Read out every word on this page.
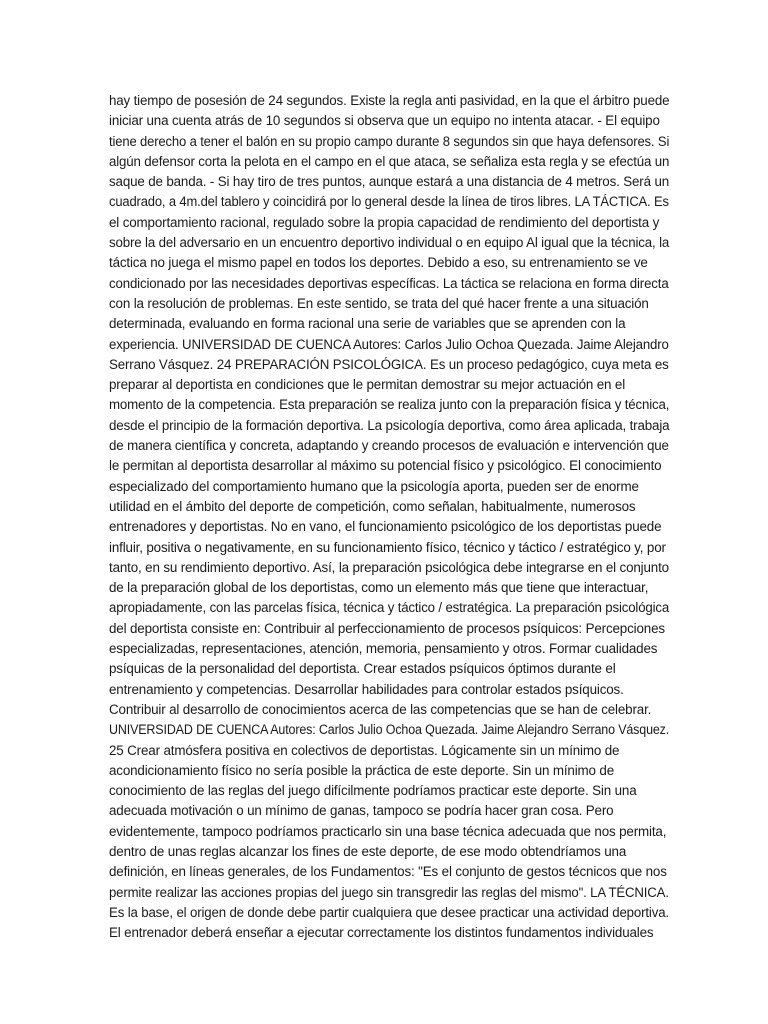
hay tiempo de posesión de 24 segundos. Existe la regla anti pasividad, en la que el árbitro puede
iniciar una cuenta atrás de 10 segundos si observa que un equipo no intenta atacar. - El equipo
tiene derecho a tener el balón en su propio campo durante 8 segundos sin que haya defensores. Si
algún defensor corta la pelota en el campo en el que ataca, se señaliza esta regla y se efectúa un
saque de banda. - Si hay tiro de tres puntos, aunque estará a una distancia de 4 metros. Será un
cuadrado, a 4m.del tablero y coincidirá por lo general desde la línea de tiros libres. LA TÁCTICA. Es
el comportamiento racional, regulado sobre la propia capacidad de rendimiento del deportista y
sobre la del adversario en un encuentro deportivo individual o en equipo Al igual que la técnica, la
táctica no juega el mismo papel en todos los deportes. Debido a eso, su entrenamiento se ve
condicionado por las necesidades deportivas específicas. La táctica se relaciona en forma directa
con la resolución de problemas. En este sentido, se trata del qué hacer frente a una situación
determinada, evaluando en forma racional una serie de variables que se aprenden con la
experiencia. UNIVERSIDAD DE CUENCA Autores: Carlos Julio Ochoa Quezada. Jaime Alejandro
Serrano Vásquez. 24 PREPARACIÓN PSICOLÓGICA. Es un proceso pedagógico, cuya meta es
preparar al deportista en condiciones que le permitan demostrar su mejor actuación en el
momento de la competencia. Esta preparación se realiza junto con la preparación física y técnica,
desde el principio de la formación deportiva. La psicología deportiva, como área aplicada, trabaja
de manera científica y concreta, adaptando y creando procesos de evaluación e intervención que
le permitan al deportista desarrollar al máximo su potencial físico y psicológico. El conocimiento
especializado del comportamiento humano que la psicología aporta, pueden ser de enorme
utilidad en el ámbito del deporte de competición, como señalan, habitualmente, numerosos
entrenadores y deportistas. No en vano, el funcionamiento psicológico de los deportistas puede
influir, positiva o negativamente, en su funcionamiento físico, técnico y táctico / estratégico y, por
tanto, en su rendimiento deportivo. Así, la preparación psicológica debe integrarse en el conjunto
de la preparación global de los deportistas, como un elemento más que tiene que interactuar,
apropiadamente, con las parcelas física, técnica y táctico / estratégica. La preparación psicológica
del deportista consiste en: Contribuir al perfeccionamiento de procesos psíquicos: Percepciones
especializadas, representaciones, atención, memoria, pensamiento y otros. Formar cualidades
psíquicas de la personalidad del deportista. Crear estados psíquicos óptimos durante el
entrenamiento y competencias. Desarrollar habilidades para controlar estados psíquicos.
Contribuir al desarrollo de conocimientos acerca de las competencias que se han de celebrar.
UNIVERSIDAD DE CUENCA Autores: Carlos Julio Ochoa Quezada. Jaime Alejandro Serrano Vásquez.
25 Crear atmósfera positiva en colectivos de deportistas. Lógicamente sin un mínimo de
acondicionamiento físico no sería posible la práctica de este deporte. Sin un mínimo de
conocimiento de las reglas del juego difícilmente podríamos practicar este deporte. Sin una
adecuada motivación o un mínimo de ganas, tampoco se podría hacer gran cosa. Pero
evidentemente, tampoco podríamos practicarlo sin una base técnica adecuada que nos permita,
dentro de unas reglas alcanzar los fines de este deporte, de ese modo obtendríamos una
definición, en líneas generales, de los Fundamentos: "Es el conjunto de gestos técnicos que nos
permite realizar las acciones propias del juego sin transgredir las reglas del mismo". LA TÉCNICA.
Es la base, el origen de donde debe partir cualquiera que desee practicar una actividad deportiva.
El entrenador deberá enseñar a ejecutar correctamente los distintos fundamentos individuales
